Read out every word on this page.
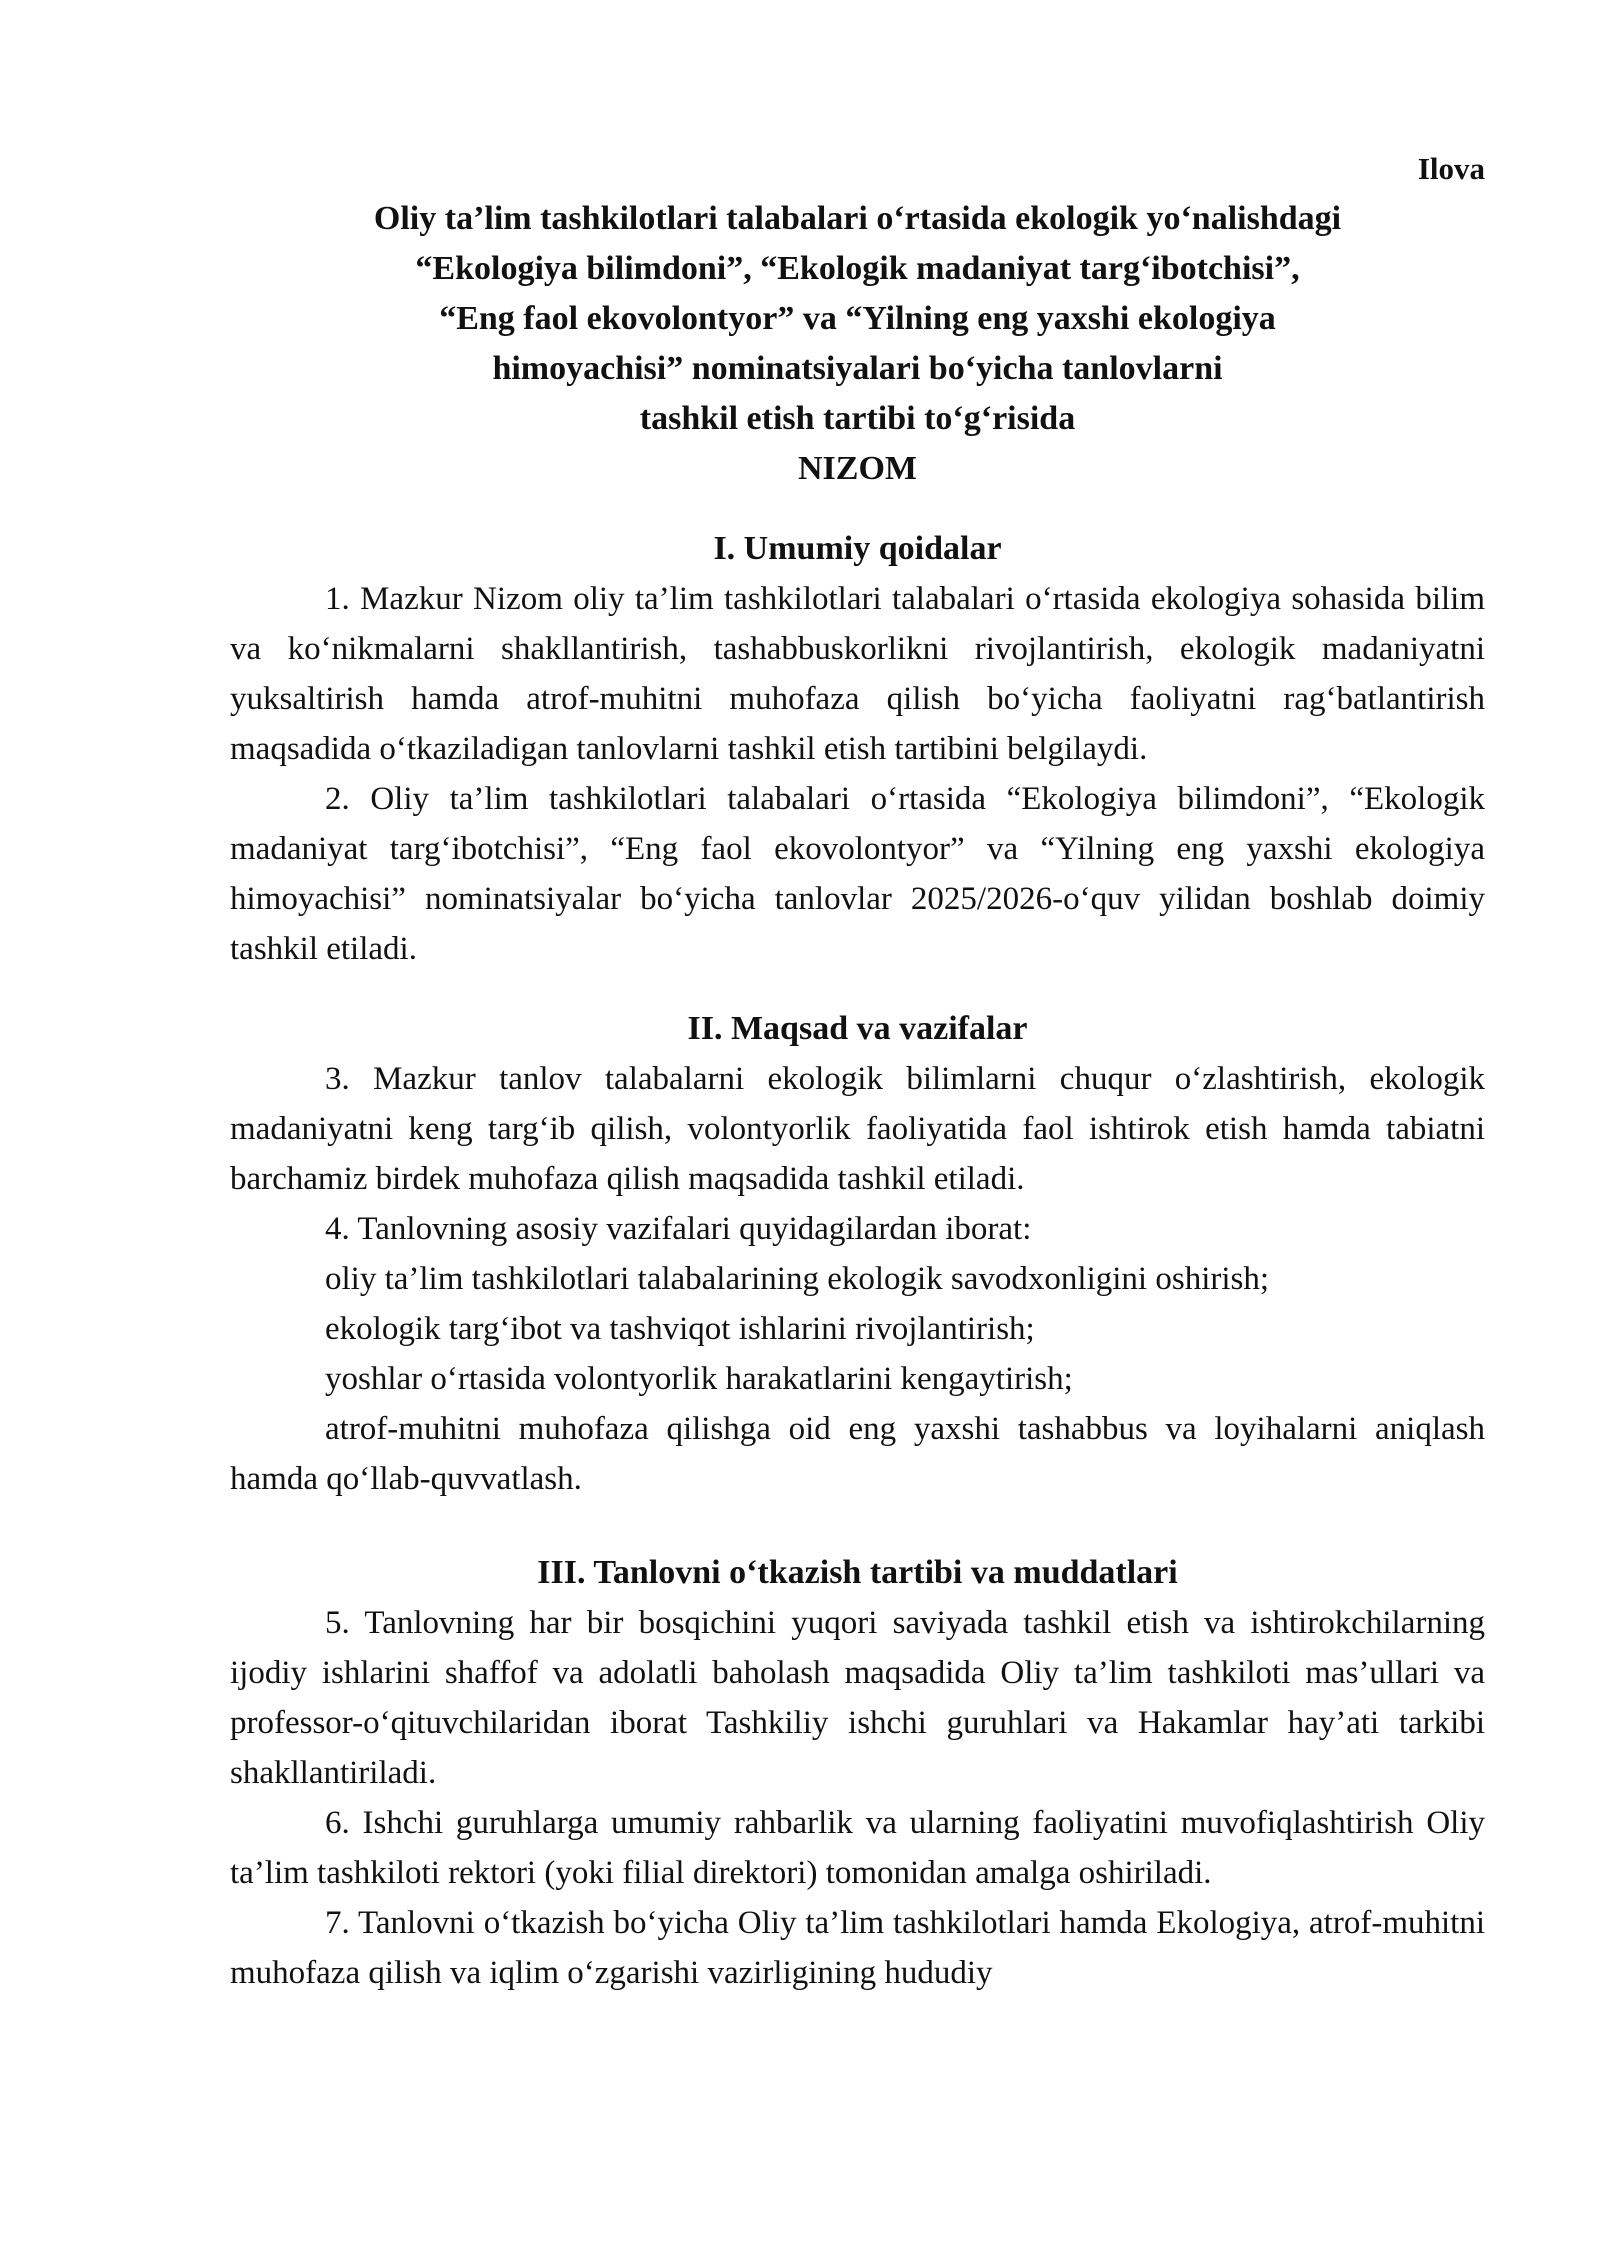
Ilova
Oliy ta’lim tashkilotlari talabalari o‘rtasida ekologik yo‘nalishdagi
“Ekologiya bilimdoni”, “Ekologik madaniyat targ‘ibotchisi”,
“Eng faol ekovolontyor” va “Yilning eng yaxshi ekologiya
himoyachisi” nominatsiyalari bo‘yicha tanlovlarni
tashkil etish tartibi to‘g‘risida
NIZOM
I. Umumiy qoidalar

1. Mazkur Nizom oliy ta’lim tashkilotlari talabalari o‘rtasida ekologiya sohasida bilim va ko‘nikmalarni shakllantirish, tashabbuskorlikni rivojlantirish, ekologik madaniyatni yuksaltirish hamda atrof-muhitni muhofaza qilish bo‘yicha faoliyatni rag‘batlantirish maqsadida o‘tkaziladigan tanlovlarni tashkil etish tartibini belgilaydi.

2. Oliy ta’lim tashkilotlari talabalari o‘rtasida “Ekologiya bilimdoni”, “Ekologik madaniyat targ‘ibotchisi”, “Eng faol ekovolontyor” va “Yilning eng yaxshi ekologiya himoyachisi” nominatsiyalar bo‘yicha tanlovlar 2025/2026-o‘quv yilidan boshlab doimiy tashkil etiladi.

II. Maqsad va vazifalar

3. Mazkur tanlov talabalarni ekologik bilimlarni chuqur o‘zlashtirish, ekologik madaniyatni keng targ‘ib qilish, volontyorlik faoliyatida faol ishtirok etish hamda tabiatni barchamiz birdek muhofaza qilish maqsadida tashkil etiladi.

4. Tanlovning asosiy vazifalari quyidagilardan iborat:

oliy ta’lim tashkilotlari talabalarining ekologik savodxonligini oshirish;

ekologik targ‘ibot va tashviqot ishlarini rivojlantirish;

yoshlar o‘rtasida volontyorlik harakatlarini kengaytirish;

atrof-muhitni muhofaza qilishga oid eng yaxshi tashabbus va loyihalarni aniqlash hamda qo‘llab-quvvatlash.

III. Tanlovni o‘tkazish tartibi va muddatlari

5. Tanlovning har bir bosqichini yuqori saviyada tashkil etish va ishtirokchilarning ijodiy ishlarini shaffof va adolatli baholash maqsadida Oliy ta’lim tashkiloti mas’ullari va professor-o‘qituvchilaridan iborat Tashkiliy ishchi guruhlari va Hakamlar hay’ati tarkibi shakllantiriladi.

6. Ishchi guruhlarga umumiy rahbarlik va ularning faoliyatini muvofiqlashtirish Oliy ta’lim tashkiloti rektori (yoki filial direktori) tomonidan amalga oshiriladi.

7. Tanlovni o‘tkazish bo‘yicha Oliy ta’lim tashkilotlari hamda Ekologiya, atrof-muhitni muhofaza qilish va iqlim o‘zgarishi vazirligining hududiy
